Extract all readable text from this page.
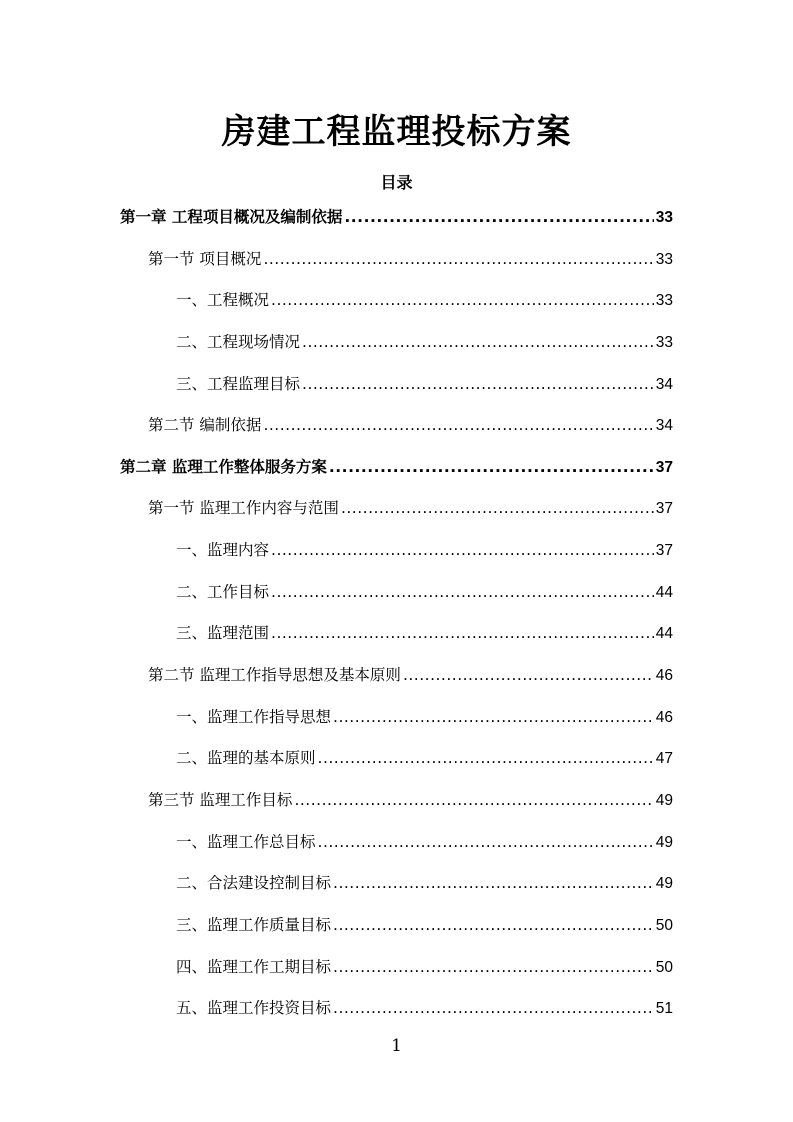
房建工程监理投标方案
目录
第一章 工程项目概况及编制依据 .....	33
第一节 项目概况 .....	33
一、工程概况 .....	33
二、工程现场情况 .....	33
三、工程监理目标 .....	34
第二节 编制依据 .....	34
第二章 监理工作整体服务方案 .....	37
第一节 监理工作内容与范围 .....	37
一、监理内容 .....	37
二、工作目标 .....	44
三、监理范围 .....	44
第二节 监理工作指导思想及基本原则 .....	46
一、监理工作指导思想 .....	46
二、监理的基本原则 .....	47
第三节 监理工作目标 .....	49
一、监理工作总目标 .....	49
二、合法建设控制目标 .....	49
三、监理工作质量目标 .....	50
四、监理工作工期目标 .....	50
五、监理工作投资目标 .....	51
1
